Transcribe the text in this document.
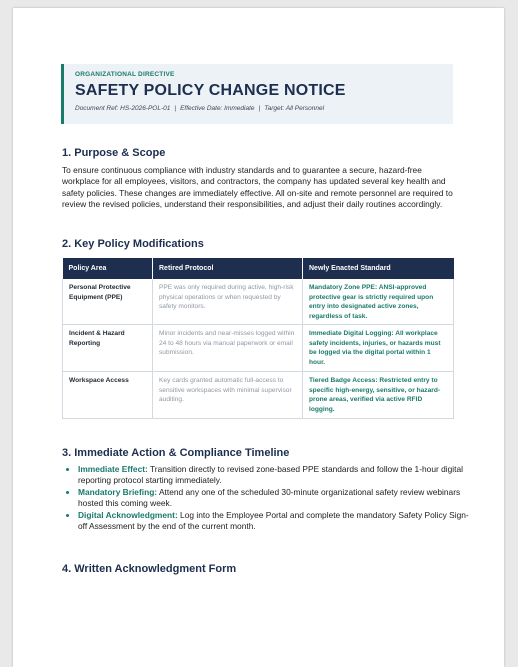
ORGANIZATIONAL DIRECTIVE
SAFETY POLICY CHANGE NOTICE
Document Ref: HS-2026-POL-01 | Effective Date: Immediate | Target: All Personnel
1. Purpose & Scope

To ensure continuous compliance with industry standards and to guarantee a secure, hazard-free workplace for all employees, visitors, and contractors, the company has updated several key health and safety policies. These changes are immediately effective. All on-site and remote personnel are required to review the revised policies, understand their responsibilities, and adjust their daily routines accordingly.

2. Key Policy Modifications
Policy Area	Retired Protocol	Newly Enacted Standard
Personal Protective Equipment (PPE)	PPE was only required during active, high-risk physical operations or when requested by safety monitors.	Mandatory Zone PPE: ANSI-approved protective gear is strictly required upon entry into designated active zones, regardless of task.
Incident & Hazard Reporting	Minor incidents and near-misses logged within 24 to 48 hours via manual paperwork or email submission.	Immediate Digital Logging: All workplace safety incidents, injuries, or hazards must be logged via the digital portal within 1 hour.
Workspace Access	Key cards granted automatic full-access to sensitive workspaces with minimal supervisor auditing.	Tiered Badge Access: Restricted entry to specific high-energy, sensitive, or hazard-prone areas, verified via active RFID logging.
3. Immediate Action & Compliance Timeline
• Immediate Effect: Transition directly to revised zone-based PPE standards and follow the 1-hour digital reporting protocol starting immediately.
• Mandatory Briefing: Attend any one of the scheduled 30-minute organizational safety review webinars hosted this coming week.
• Digital Acknowledgment: Log into the Employee Portal and complete the mandatory Safety Policy Sign-off Assessment by the end of the current month.
4. Written Acknowledgment Form
